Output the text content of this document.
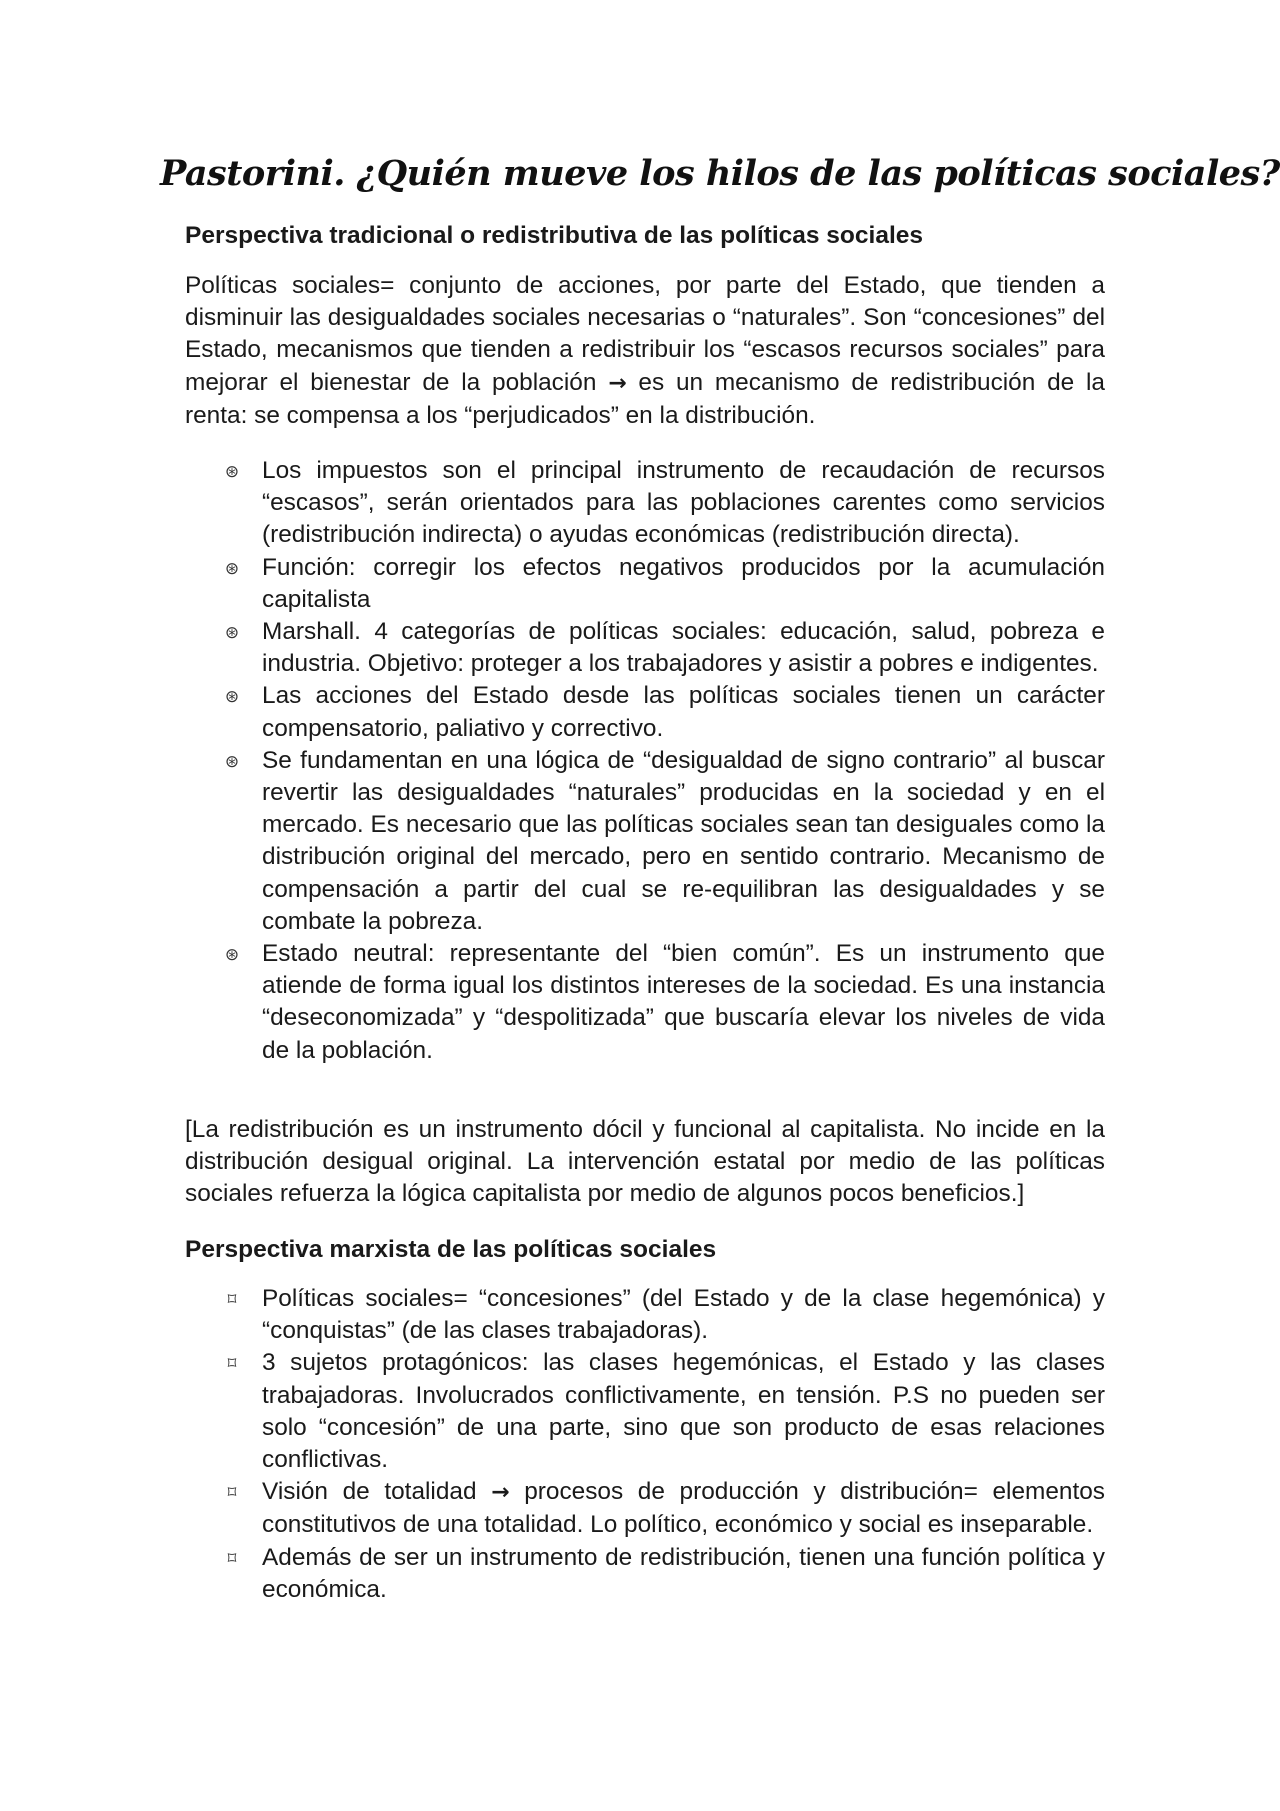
Pastorini. ¿Quién mueve los hilos de las políticas sociales?
Perspectiva tradicional o redistributiva de las políticas sociales
Políticas sociales= conjunto de acciones, por parte del Estado, que tienden a disminuir las desigualdades sociales necesarias o “naturales”. Son “concesiones” del Estado, mecanismos que tienden a redistribuir los “escasos recursos sociales” para mejorar el bienestar de la población → es un mecanismo de redistribución de la renta: se compensa a los “perjudicados” en la distribución.
⊛ Los impuestos son el principal instrumento de recaudación de recursos “escasos”, serán orientados para las poblaciones carentes como servicios (redistribución indirecta) o ayudas económicas (redistribución directa).
⊛ Función: corregir los efectos negativos producidos por la acumulación capitalista
⊛ Marshall. 4 categorías de políticas sociales: educación, salud, pobreza e industria. Objetivo: proteger a los trabajadores y asistir a pobres e indigentes.
⊛ Las acciones del Estado desde las políticas sociales tienen un carácter compensatorio, paliativo y correctivo.
⊛ Se fundamentan en una lógica de “desigualdad de signo contrario” al buscar revertir las desigualdades “naturales” producidas en la sociedad y en el mercado. Es necesario que las políticas sociales sean tan desiguales como la distribución original del mercado, pero en sentido contrario. Mecanismo de compensación a partir del cual se re-equilibran las desigualdades y se combate la pobreza.
⊛ Estado neutral: representante del “bien común”. Es un instrumento que atiende de forma igual los distintos intereses de la sociedad. Es una instancia “deseconomizada” y “despolitizada” que buscaría elevar los niveles de vida de la población.
[La redistribución es un instrumento dócil y funcional al capitalista. No incide en la distribución desigual original. La intervención estatal por medio de las políticas sociales refuerza la lógica capitalista por medio de algunos pocos beneficios.]
Perspectiva marxista de las políticas sociales
⌑ Políticas sociales= “concesiones” (del Estado y de la clase hegemónica) y “conquistas” (de las clases trabajadoras).
⌑ 3 sujetos protagónicos: las clases hegemónicas, el Estado y las clases trabajadoras. Involucrados conflictivamente, en tensión. P.S no pueden ser solo “concesión” de una parte, sino que son producto de esas relaciones conflictivas.
⌑ Visión de totalidad → procesos de producción y distribución= elementos constitutivos de una totalidad. Lo político, económico y social es inseparable.
⌑ Además de ser un instrumento de redistribución, tienen una función política y económica.
